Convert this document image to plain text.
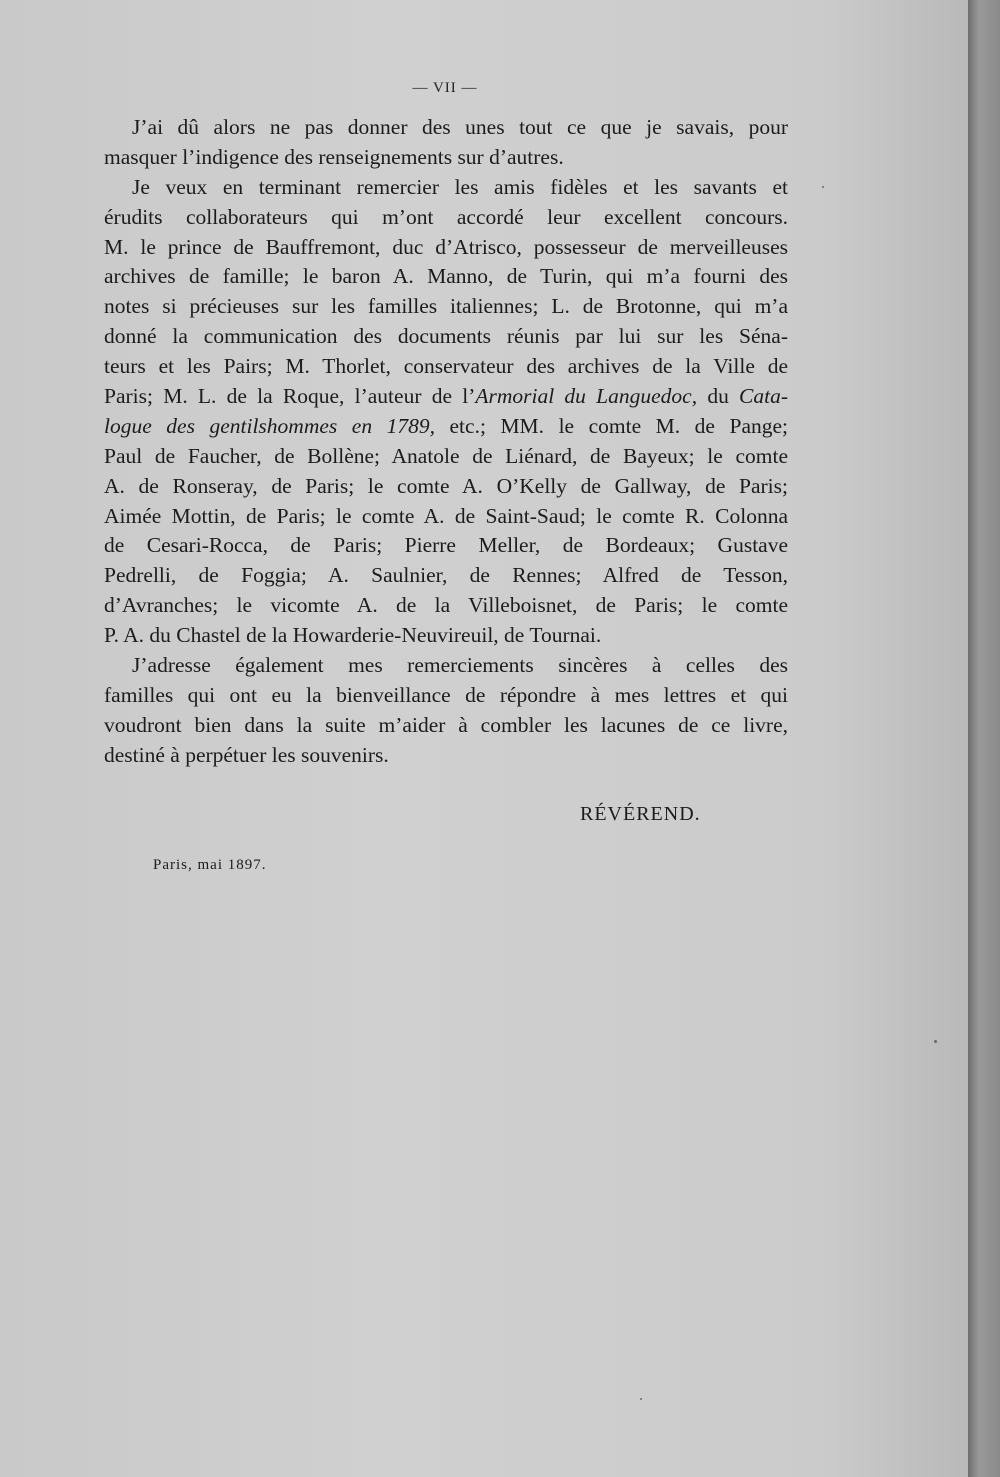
— VII —
J’ai dû alors ne pas donner des unes tout ce que je savais, pour
masquer l’indigence des renseignements sur d’autres.
Je veux en terminant remercier les amis fidèles et les savants et
érudits collaborateurs qui m’ont accordé leur excellent concours.
M. le prince de Bauffremont, duc d’Atrisco, possesseur de merveilleuses
archives de famille; le baron A. Manno, de Turin, qui m’a fourni des
notes si précieuses sur les familles italiennes; L. de Brotonne, qui m’a
donné la communication des documents réunis par lui sur les Séna-
teurs et les Pairs; M. Thorlet, conservateur des archives de la Ville de
Paris; M. L. de la Roque, l’auteur de l’Armorial du Languedoc, du Cata-
logue des gentilshommes en 1789, etc.; MM. le comte M. de Pange;
Paul de Faucher, de Bollène; Anatole de Liénard, de Bayeux; le comte
A. de Ronseray, de Paris; le comte A. O’Kelly de Gallway, de Paris;
Aimée Mottin, de Paris; le comte A. de Saint-Saud; le comte R. Colonna
de Cesari-Rocca, de Paris; Pierre Meller, de Bordeaux; Gustave
Pedrelli, de Foggia; A. Saulnier, de Rennes; Alfred de Tesson,
d’Avranches; le vicomte A. de la Villeboisnet, de Paris; le comte
P. A. du Chastel de la Howarderie-Neuvireuil, de Tournai.
J’adresse également mes remerciements sincères à celles des
familles qui ont eu la bienveillance de répondre à mes lettres et qui
voudront bien dans la suite m’aider à combler les lacunes de ce livre,
destiné à perpétuer les souvenirs.
RÉVÉREND.
Paris, mai 1897.
